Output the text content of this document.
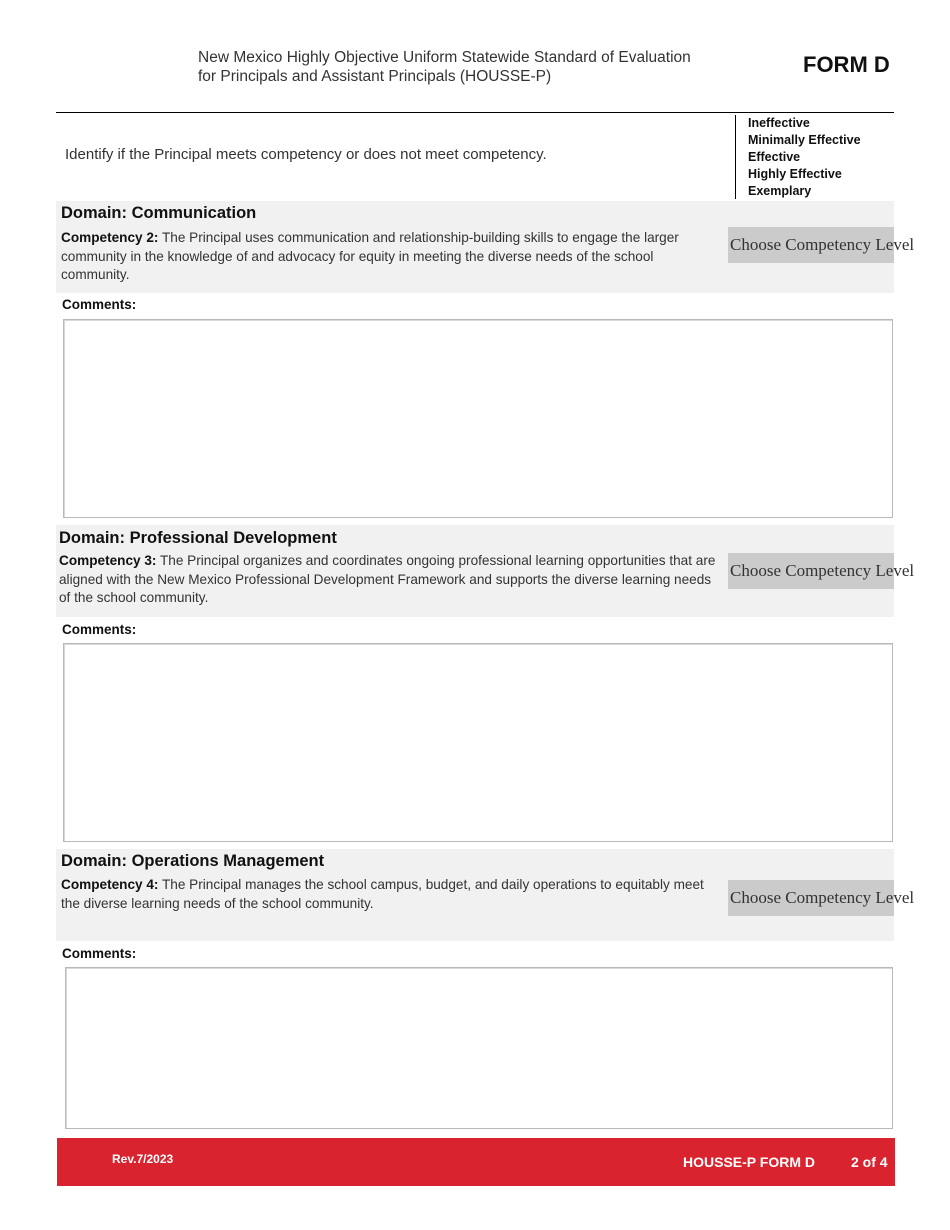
New Mexico Highly Objective Uniform Statewide Standard of Evaluation
for Principals and Assistant Principals (HOUSSE-P)	FORM D
Identify if the Principal meets competency or does not meet competency.
Ineffective
Minimally Effective
Effective
Highly Effective
Exemplary
Domain: Communication
Competency 2: The Principal uses communication and relationship-building skills to engage the larger community in the knowledge of and advocacy for equity in meeting the diverse needs of the school community.
Choose Competency Level
Comments:
Domain: Professional Development
Competency 3: The Principal organizes and coordinates ongoing professional learning opportunities that are aligned with the New Mexico Professional Development Framework and supports the diverse learning needs of the school community.
Choose Competency Level
Comments:
Domain: Operations Management
Competency 4: The Principal manages the school campus, budget, and daily operations to equitably meet the diverse learning needs of the school community.	Choose Competency Level
Comments:
Rev.7/2023	HOUSSE-P FORM D	2 of 4
